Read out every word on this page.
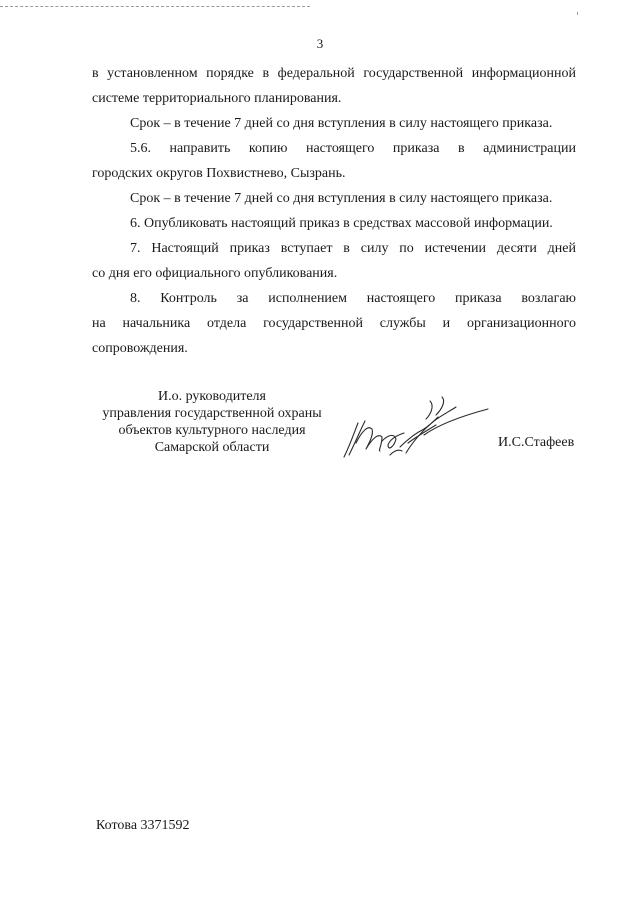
3
в установленном порядке в федеральной государственной информационной
системе территориального планирования.
Срок – в течение 7 дней со дня вступления в силу настоящего приказа.
5.6. направить копию настоящего приказа в администрации
городских округов Похвистнево, Сызрань.
Срок – в течение 7 дней со дня вступления в силу настоящего приказа.
6. Опубликовать настоящий приказ в средствах массовой информации.
7. Настоящий приказ вступает в силу по истечении десяти дней
со дня его официального опубликования.
8. Контроль за исполнением настоящего приказа возлагаю
на начальника отдела государственной службы и организационного
сопровождения.
И.о. руководителя
управления государственной охраны
объектов культурного наследия
Самарской области	И.С.Стафеев
Котова 3371592
